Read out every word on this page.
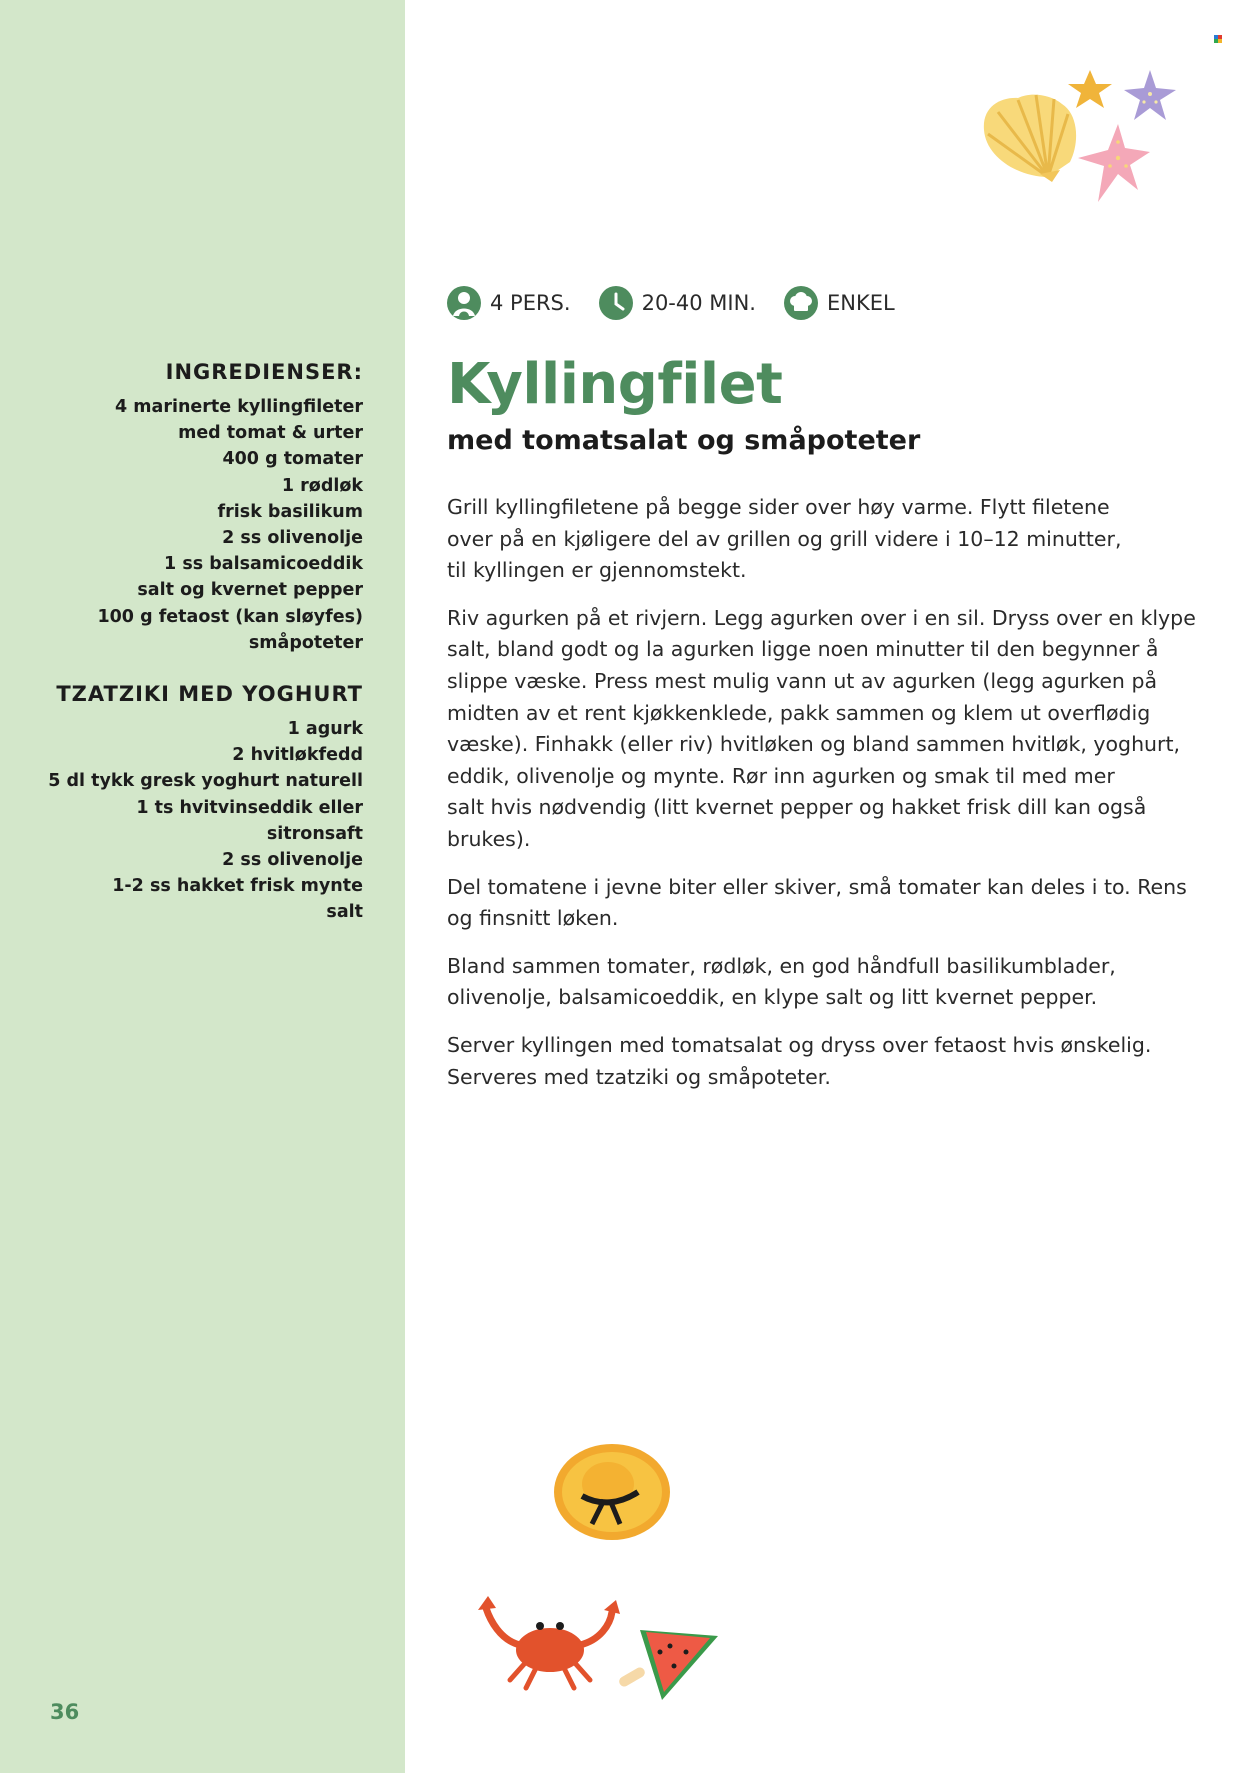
INGREDIENSER:
4 marinerte kyllingfileter
med tomat & urter
400 g tomater
1 rødløk
frisk basilikum
2 ss olivenolje
1 ss balsamicoeddik
salt og kvernet pepper
100 g fetaost (kan sløyfes)
småpoteter
TZATZIKI MED YOGHURT
1 agurk
2 hvitløkfedd
5 dl tykk gresk yoghurt naturell
1 ts hvitvinseddik eller
sitronsaft
2 ss olivenolje
1-2 ss hakket frisk mynte
salt
36
4 PERS.	20-40 MIN.	ENKEL
Kyllingfilet
med tomatsalat og småpoteter

Grill kyllingfiletene på begge sider over høy varme. Flytt filetene
over på en kjøligere del av grillen og grill videre i 10–12 minutter,
til kyllingen er gjennomstekt.

Riv agurken på et rivjern. Legg agurken over i en sil. Dryss over en klype
salt, bland godt og la agurken ligge noen minutter til den begynner å
slippe væske. Press mest mulig vann ut av agurken (legg agurken på
midten av et rent kjøkkenklede, pakk sammen og klem ut overflødig
væske). Finhakk (eller riv) hvitløken og bland sammen hvitløk, yoghurt,
eddik, olivenolje og mynte. Rør inn agurken og smak til med mer
salt hvis nødvendig (litt kvernet pepper og hakket frisk dill kan også
brukes).

Del tomatene i jevne biter eller skiver, små tomater kan deles i to. Rens
og finsnitt løken.

Bland sammen tomater, rødløk, en god håndfull basilikumblader,
olivenolje, balsamicoeddik, en klype salt og litt kvernet pepper.

Server kyllingen med tomatsalat og dryss over fetaost hvis ønskelig.
Serveres med tzatziki og småpoteter.
